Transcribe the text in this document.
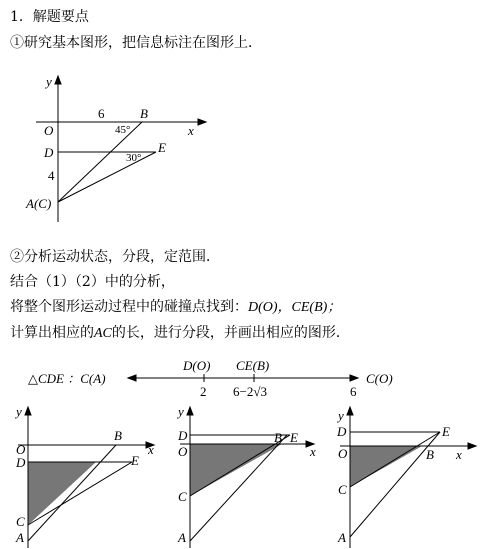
1．解题要点
①研究基本图形，把信息标注在图形上．
y
x
O
D
B
E
A(C)
6
4
45°
30°
②分析运动状态，分段，定范围．
结合（1）（2）中的分析，
将整个图形运动过程中的碰撞点找到：D(O)，CE(B)；
计算出相应的AC的长，进行分段，并画出相应的图形．
△CDE ：C(A)
D(O) CE(B)
2 6−2√3	6
C(O)
y
x
O
D
B
E
C
A
y
x
O
D	B E
C
A
y
x
O
D
B
E
C
A
